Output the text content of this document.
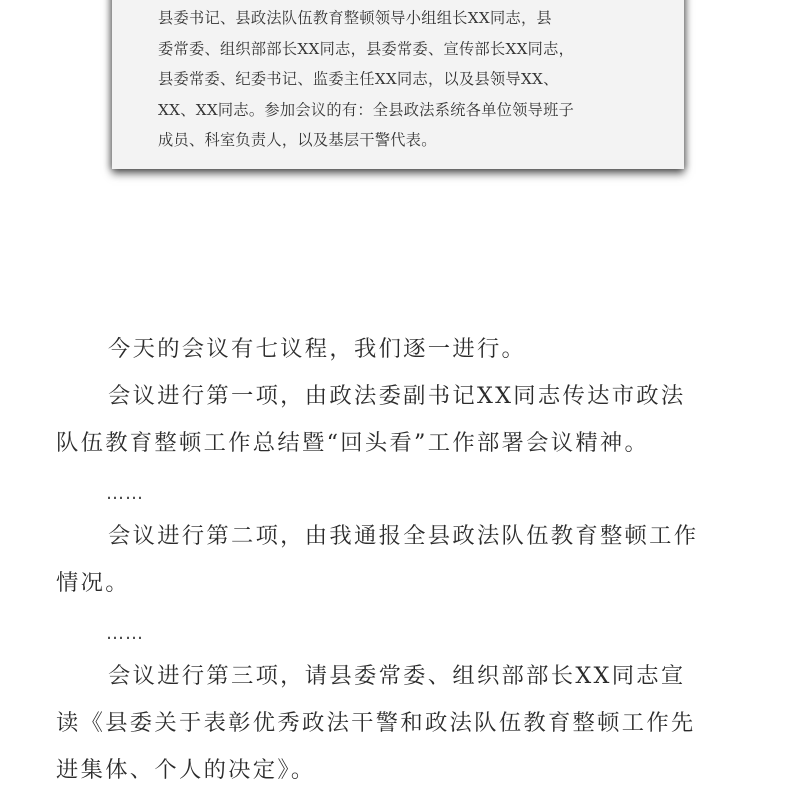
县委书记、县政法队伍教育整顿领导小组组长XX同志，县
委常委、组织部部长XX同志，县委常委、宣传部长XX同志，
县委常委、纪委书记、监委主任XX同志，以及县领导XX、
XX、XX同志。参加会议的有：全县政法系统各单位领导班子
成员、科室负责人，以及基层干警代表。
今天的会议有七议程，我们逐一进行。
会议进行第一项，由政法委副书记XX同志传达市政法
队伍教育整顿工作总结暨“回头看”工作部署会议精神。
……
会议进行第二项，由我通报全县政法队伍教育整顿工作
情况。
……
会议进行第三项，请县委常委、组织部部长XX同志宣
读《县委关于表彰优秀政法干警和政法队伍教育整顿工作先
进集体、个人的决定》。
